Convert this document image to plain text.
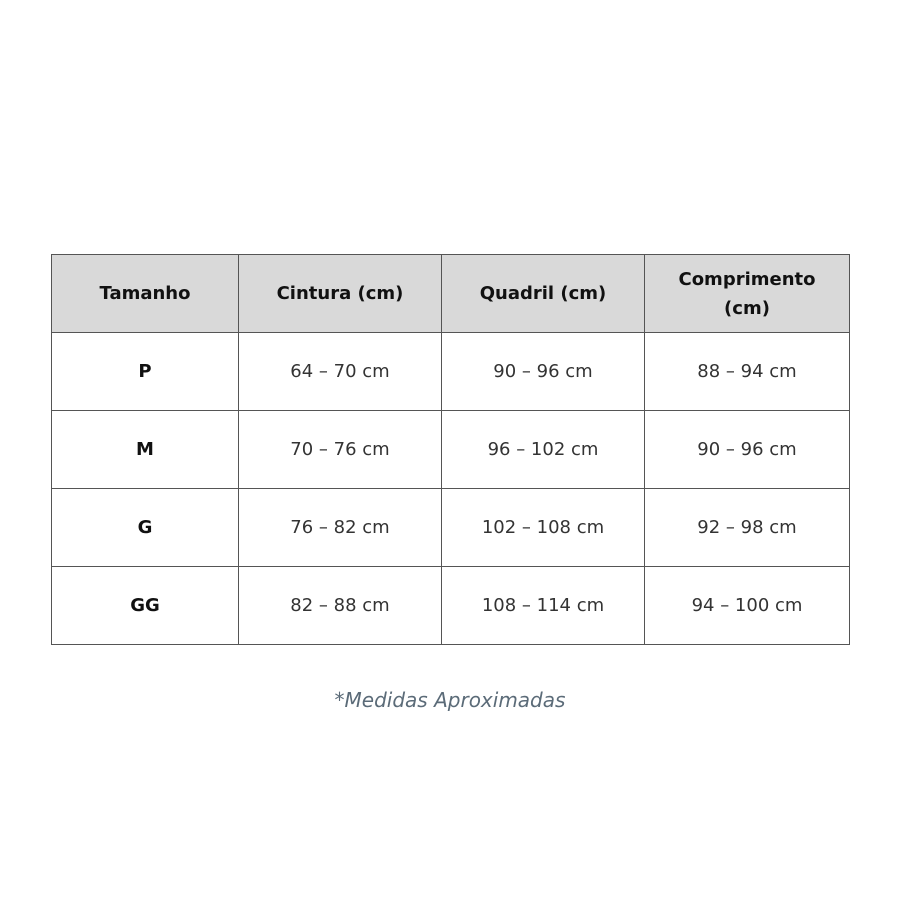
Tamanho	Cintura (cm)	Quadril (cm)	Comprimento (cm)
P	64 – 70 cm	90 – 96 cm	88 – 94 cm
M	70 – 76 cm	96 – 102 cm	90 – 96 cm
G	76 – 82 cm	102 – 108 cm	92 – 98 cm
GG	82 – 88 cm	108 – 114 cm	94 – 100 cm
*Medidas Aproximadas
